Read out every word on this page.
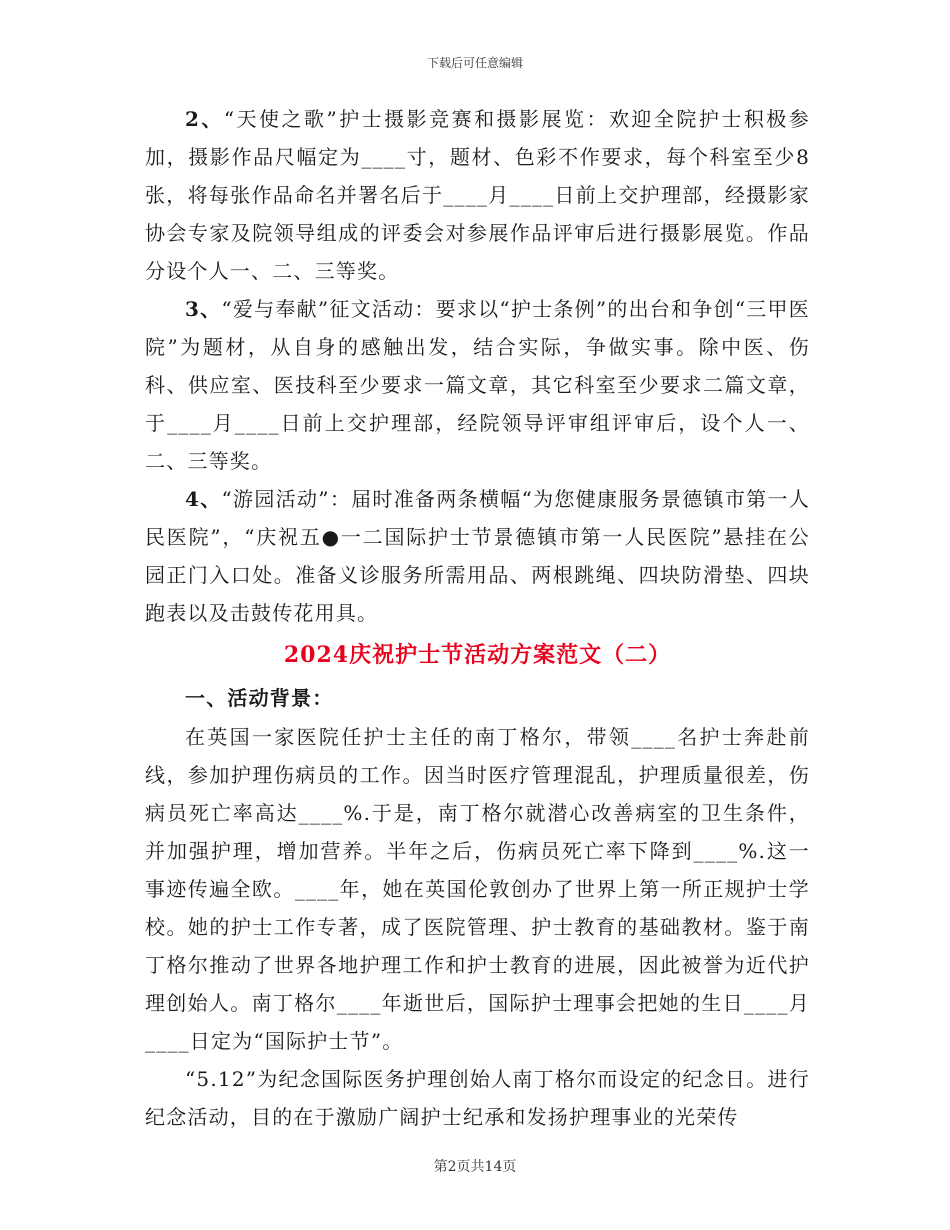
下载后可任意编辑

2、“天使之歌”护士摄影竞赛和摄影展览：欢迎全院护士积极参加，摄影作品尺幅定为____寸，题材、色彩不作要求，每个科室至少8张，将每张作品命名并署名后于____月____日前上交护理部，经摄影家协会专家及院领导组成的评委会对参展作品评审后进行摄影展览。作品分设个人一、二、三等奖。

3、“爱与奉献”征文活动：要求以“护士条例”的出台和争创“三甲医院”为题材，从自身的感触出发，结合实际，争做实事。除中医、伤科、供应室、医技科至少要求一篇文章，其它科室至少要求二篇文章，于____月____日前上交护理部，经院领导评审组评审后，设个人一、二、三等奖。

4、“游园活动”：届时准备两条横幅“为您健康服务景德镇市第一人民医院”，“庆祝五●一二国际护士节景德镇市第一人民医院”悬挂在公园正门入口处。准备义诊服务所需用品、两根跳绳、四块防滑垫、四块跑表以及击鼓传花用具。

2024庆祝护士节活动方案范文（二）
一、活动背景：

在英国一家医院任护士主任的南丁格尔，带领____名护士奔赴前线，参加护理伤病员的工作。因当时医疗管理混乱，护理质量很差，伤病员死亡率高达____%.于是，南丁格尔就潜心改善病室的卫生条件，并加强护理，增加营养。半年之后，伤病员死亡率下降到____%.这一事迹传遍全欧。____年，她在英国伦敦创办了世界上第一所正规护士学校。她的护士工作专著，成了医院管理、护士教育的基础教材。鉴于南丁格尔推动了世界各地护理工作和护士教育的进展，因此被誉为近代护理创始人。南丁格尔____年逝世后，国际护士理事会把她的生日____月____日定为“国际护士节”。

“5.12”为纪念国际医务护理创始人南丁格尔而设定的纪念日。进行纪念活动，目的在于激励广阔护士纪承和发扬护理事业的光荣传

第2页共14页
